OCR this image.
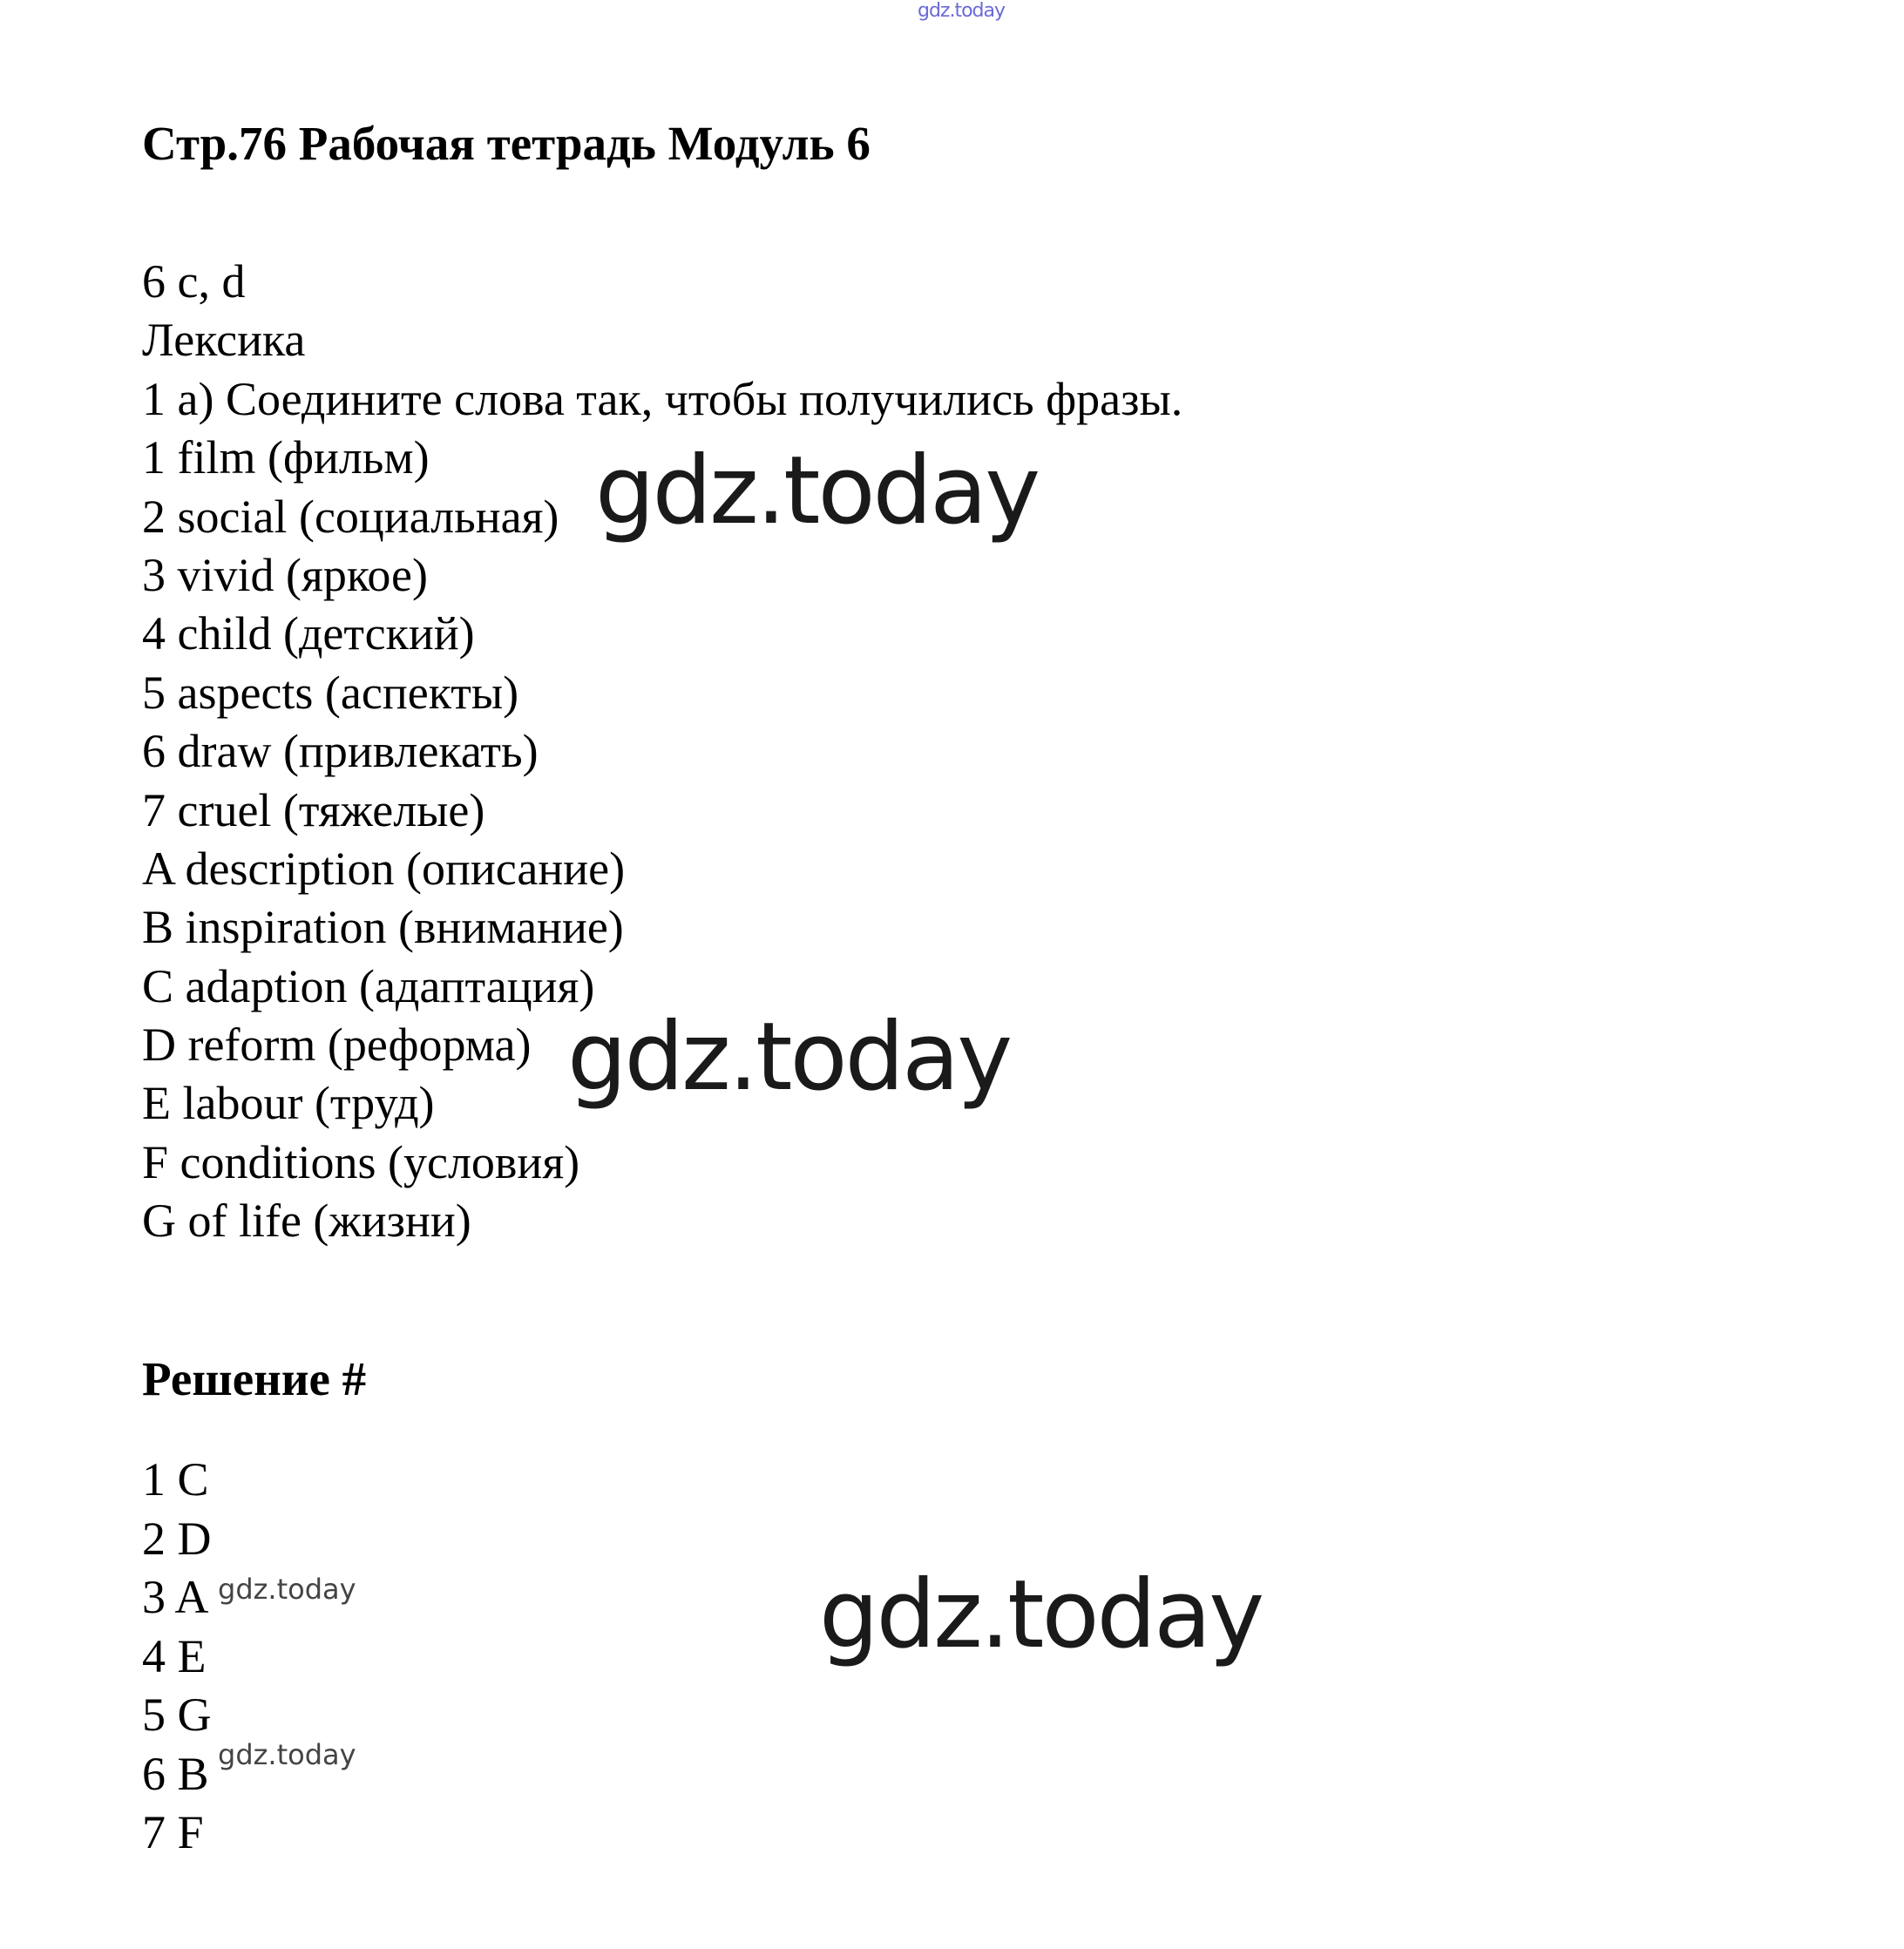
gdz.today
Стр.76 Рабочая тетрадь Модуль 6
6 c, d
Лексика
1 a) Соедините слова так, чтобы получились фразы.
1 film (фильм)
2 social (социальная)
3 vivid (яркое)
4 child (детский)
5 aspects (аспекты)
6 draw (привлекать)
7 cruel (тяжелые)
A description (описание)
B inspiration (внимание)
C adaption (адаптация)
D reform (реформа)
E labour (труд)
F conditions (условия)
G of life (жизни)
Решение #
1 C
2 D
3 A
4 E
5 G
6 B
7 F
gdz.today
gdz.today
gdz.today
gdz.today
gdz.today
